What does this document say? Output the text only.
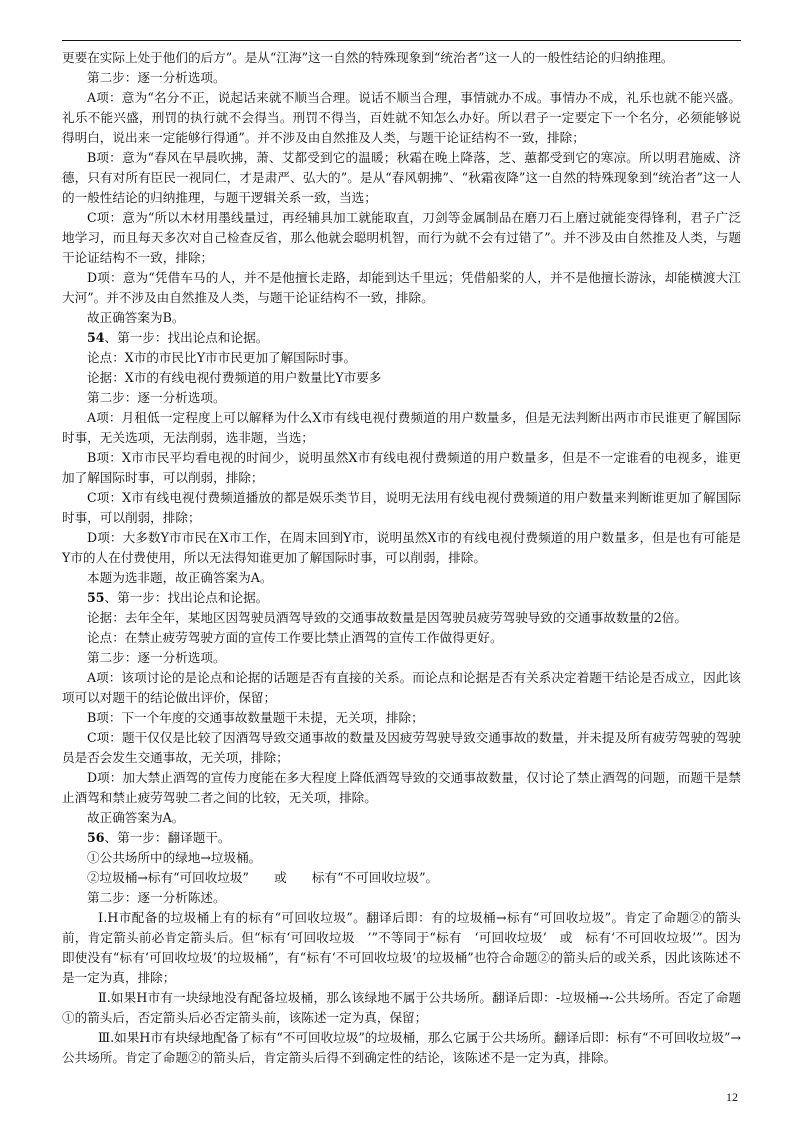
更要在实际上处于他们的后方”。是从“江海”这一自然的特殊现象到“统治者”这一人的一般性结论的归纳推理。
第二步：逐一分析选项。
A项：意为“名分不正，说起话来就不顺当合理。说话不顺当合理，事情就办不成。事情办不成，礼乐也就不能兴盛。礼乐不能兴盛，刑罚的执行就不会得当。刑罚不得当，百姓就不知怎么办好。所以君子一定要定下一个名分，必须能够说得明白，说出来一定能够行得通”。并不涉及由自然推及人类，与题干论证结构不一致，排除；
B项：意为“春风在早晨吹拂，萧、艾都受到它的温暖；秋霜在晚上降落，芝、蕙都受到它的寒凉。所以明君施威、济德，只有对所有臣民一视同仁，才是肃严、弘大的”。是从“春风朝拂”、“秋霜夜降”这一自然的特殊现象到“统治者”这一人的一般性结论的归纳推理，与题干逻辑关系一致，当选；
C项：意为“所以木材用墨线量过，再经辅具加工就能取直，刀剑等金属制品在磨刀石上磨过就能变得锋利，君子广泛地学习，而且每天多次对自己检查反省，那么他就会聪明机智，而行为就不会有过错了”。并不涉及由自然推及人类，与题干论证结构不一致，排除；
D项：意为“凭借车马的人，并不是他擅长走路，却能到达千里远；凭借船桨的人，并不是他擅长游泳，却能横渡大江大河”。并不涉及由自然推及人类，与题干论证结构不一致，排除。
故正确答案为B。
54、第一步：找出论点和论据。
论点：X市的市民比Y市市民更加了解国际时事。
论据：X市的有线电视付费频道的用户数量比Y市要多
第二步：逐一分析选项。
A项：月租低一定程度上可以解释为什么X市有线电视付费频道的用户数量多，但是无法判断出两市市民谁更了解国际时事，无关选项，无法削弱，选非题，当选；
B项：X市市民平均看电视的时间少，说明虽然X市有线电视付费频道的用户数量多，但是不一定谁看的电视多，谁更加了解国际时事，可以削弱，排除；
C项：X市有线电视付费频道播放的都是娱乐类节目，说明无法用有线电视付费频道的用户数量来判断谁更加了解国际时事，可以削弱，排除；
D项：大多数Y市市民在X市工作，在周末回到Y市，说明虽然X市的有线电视付费频道的用户数量多，但是也有可能是Y市的人在付费使用，所以无法得知谁更加了解国际时事，可以削弱，排除。
本题为选非题，故正确答案为A。
55、第一步：找出论点和论据。
论据：去年全年，某地区因驾驶员酒驾导致的交通事故数量是因驾驶员疲劳驾驶导致的交通事故数量的2倍。
论点：在禁止疲劳驾驶方面的宣传工作要比禁止酒驾的宣传工作做得更好。
第二步：逐一分析选项。
A项：该项讨论的是论点和论据的话题是否有直接的关系。而论点和论据是否有关系决定着题干结论是否成立，因此该项可以对题干的结论做出评价，保留；
B项：下一个年度的交通事故数量题干未提，无关项，排除；
C项：题干仅仅是比较了因酒驾导致交通事故的数量及因疲劳驾驶导致交通事故的数量，并未提及所有疲劳驾驶的驾驶员是否会发生交通事故，无关项，排除；
D项：加大禁止酒驾的宣传力度能在多大程度上降低酒驾导致的交通事故数量，仅讨论了禁止酒驾的问题，而题干是禁止酒驾和禁止疲劳驾驶二者之间的比较，无关项，排除。
故正确答案为A。
56、第一步：翻译题干。
①公共场所中的绿地→垃圾桶。
②垃圾桶→标有“可回收垃圾”　　或　　标有“不可回收垃圾”。
第二步：逐一分析陈述。
Ⅰ.H市配备的垃圾桶上有的标有“可回收垃圾”。翻译后即：有的垃圾桶→标有“可回收垃圾”。肯定了命题②的箭头前，肯定箭头前必肯定箭头后。但“标有‘可回收垃圾　’”不等同于“标有　‘可回收垃圾’　或　标有‘不可回收垃圾’”。因为即使没有“标有‘可回收垃圾’的垃圾桶”，有“标有‘不可回收垃圾’的垃圾桶”也符合命题②的箭头后的或关系，因此该陈述不是一定为真，排除；
Ⅱ.如果H市有一块绿地没有配备垃圾桶，那么该绿地不属于公共场所。翻译后即：-垃圾桶→-公共场所。否定了命题①的箭头后，否定箭头后必否定箭头前，该陈述一定为真，保留；
Ⅲ.如果H市有块绿地配备了标有“不可回收垃圾”的垃圾桶，那么它属于公共场所。翻译后即：标有“不可回收垃圾”→公共场所。肯定了命题②的箭头后，肯定箭头后得不到确定性的结论，该陈述不是一定为真，排除。
12
